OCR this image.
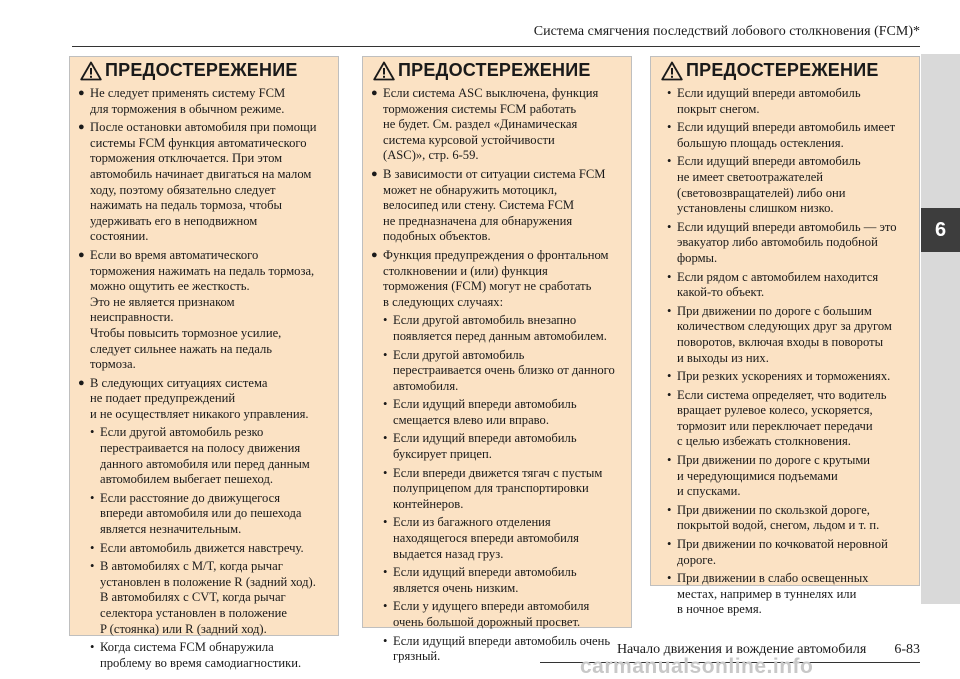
Система смягчения последствий лобового столкновения (FCM)*
6
ПРЕДОСТЕРЕЖЕНИЕ
● Не следует применять систему FCM
для торможения в обычном режиме.
● После остановки автомобиля при помощи
системы FCM функция автоматического
торможения отключается. При этом
автомобиль начинает двигаться на малом
ходу, поэтому обязательно следует
нажимать на педаль тормоза, чтобы
удерживать его в неподвижном
состоянии.
● Если во время автоматического
торможения нажимать на педаль тормоза,
можно ощутить ее жесткость.
Это не является признаком
неисправности.
Чтобы повысить тормозное усилие,
следует сильнее нажать на педаль
тормоза.
● В следующих ситуациях система
не подает предупреждений
и не осуществляет никакого управления.
• Если другой автомобиль резко
перестраивается на полосу движения
данного автомобиля или перед данным
автомобилем выбегает пешеход.
• Если расстояние до движущегося
впереди автомобиля или до пешехода
является незначительным.
• Если автомобиль движется навстречу.
• В автомобилях с M/T, когда рычаг
установлен в положение R (задний ход).
В автомобилях с CVT, когда рычаг
селектора установлен в положение
P (стоянка) или R (задний ход).
• Когда система FCM обнаружила
проблему во время самодиагностики.
ПРЕДОСТЕРЕЖЕНИЕ
● Если система ASC выключена, функция
торможения системы FCM работать
не будет. См. раздел «Динамическая
система курсовой устойчивости
(ASC)», стр. 6-59.
● В зависимости от ситуации система FCM
может не обнаружить мотоцикл,
велосипед или стену. Система FCM
не предназначена для обнаружения
подобных объектов.
● Функция предупреждения о фронтальном
столкновении и (или) функция
торможения (FCM) могут не сработать
в следующих случаях:
• Если другой автомобиль внезапно
появляется перед данным автомобилем.
• Если другой автомобиль
перестраивается очень близко от данного
автомобиля.
• Если идущий впереди автомобиль
смещается влево или вправо.
• Если идущий впереди автомобиль
буксирует прицеп.
• Если впереди движется тягач с пустым
полуприцепом для транспортировки
контейнеров.
• Если из багажного отделения
находящегося впереди автомобиля
выдается назад груз.
• Если идущий впереди автомобиль
является очень низким.
• Если у идущего впереди автомобиля
очень большой дорожный просвет.
• Если идущий впереди автомобиль очень
грязный.
ПРЕДОСТЕРЕЖЕНИЕ
• Если идущий впереди автомобиль
покрыт снегом.
• Если идущий впереди автомобиль имеет
большую площадь остекления.
• Если идущий впереди автомобиль
не имеет светоотражателей
(световозвращателей) либо они
установлены слишком низко.
• Если идущий впереди автомобиль — это
эвакуатор либо автомобиль подобной
формы.
• Если рядом с автомобилем находится
какой-то объект.
• При движении по дороге с большим
количеством следующих друг за другом
поворотов, включая входы в повороты
и выходы из них.
• При резких ускорениях и торможениях.
• Если система определяет, что водитель
вращает рулевое колесо, ускоряется,
тормозит или переключает передачи
с целью избежать столкновения.
• При движении по дороге с крутыми
и чередующимися подъемами
и спусками.
• При движении по скользкой дороге,
покрытой водой, снегом, льдом и т. п.
• При движении по кочковатой неровной
дороге.
• При движении в слабо освещенных
местах, например в туннелях или
в ночное время.
Начало движения и вождение автомобиля 6-83
carmanualsonline.info
